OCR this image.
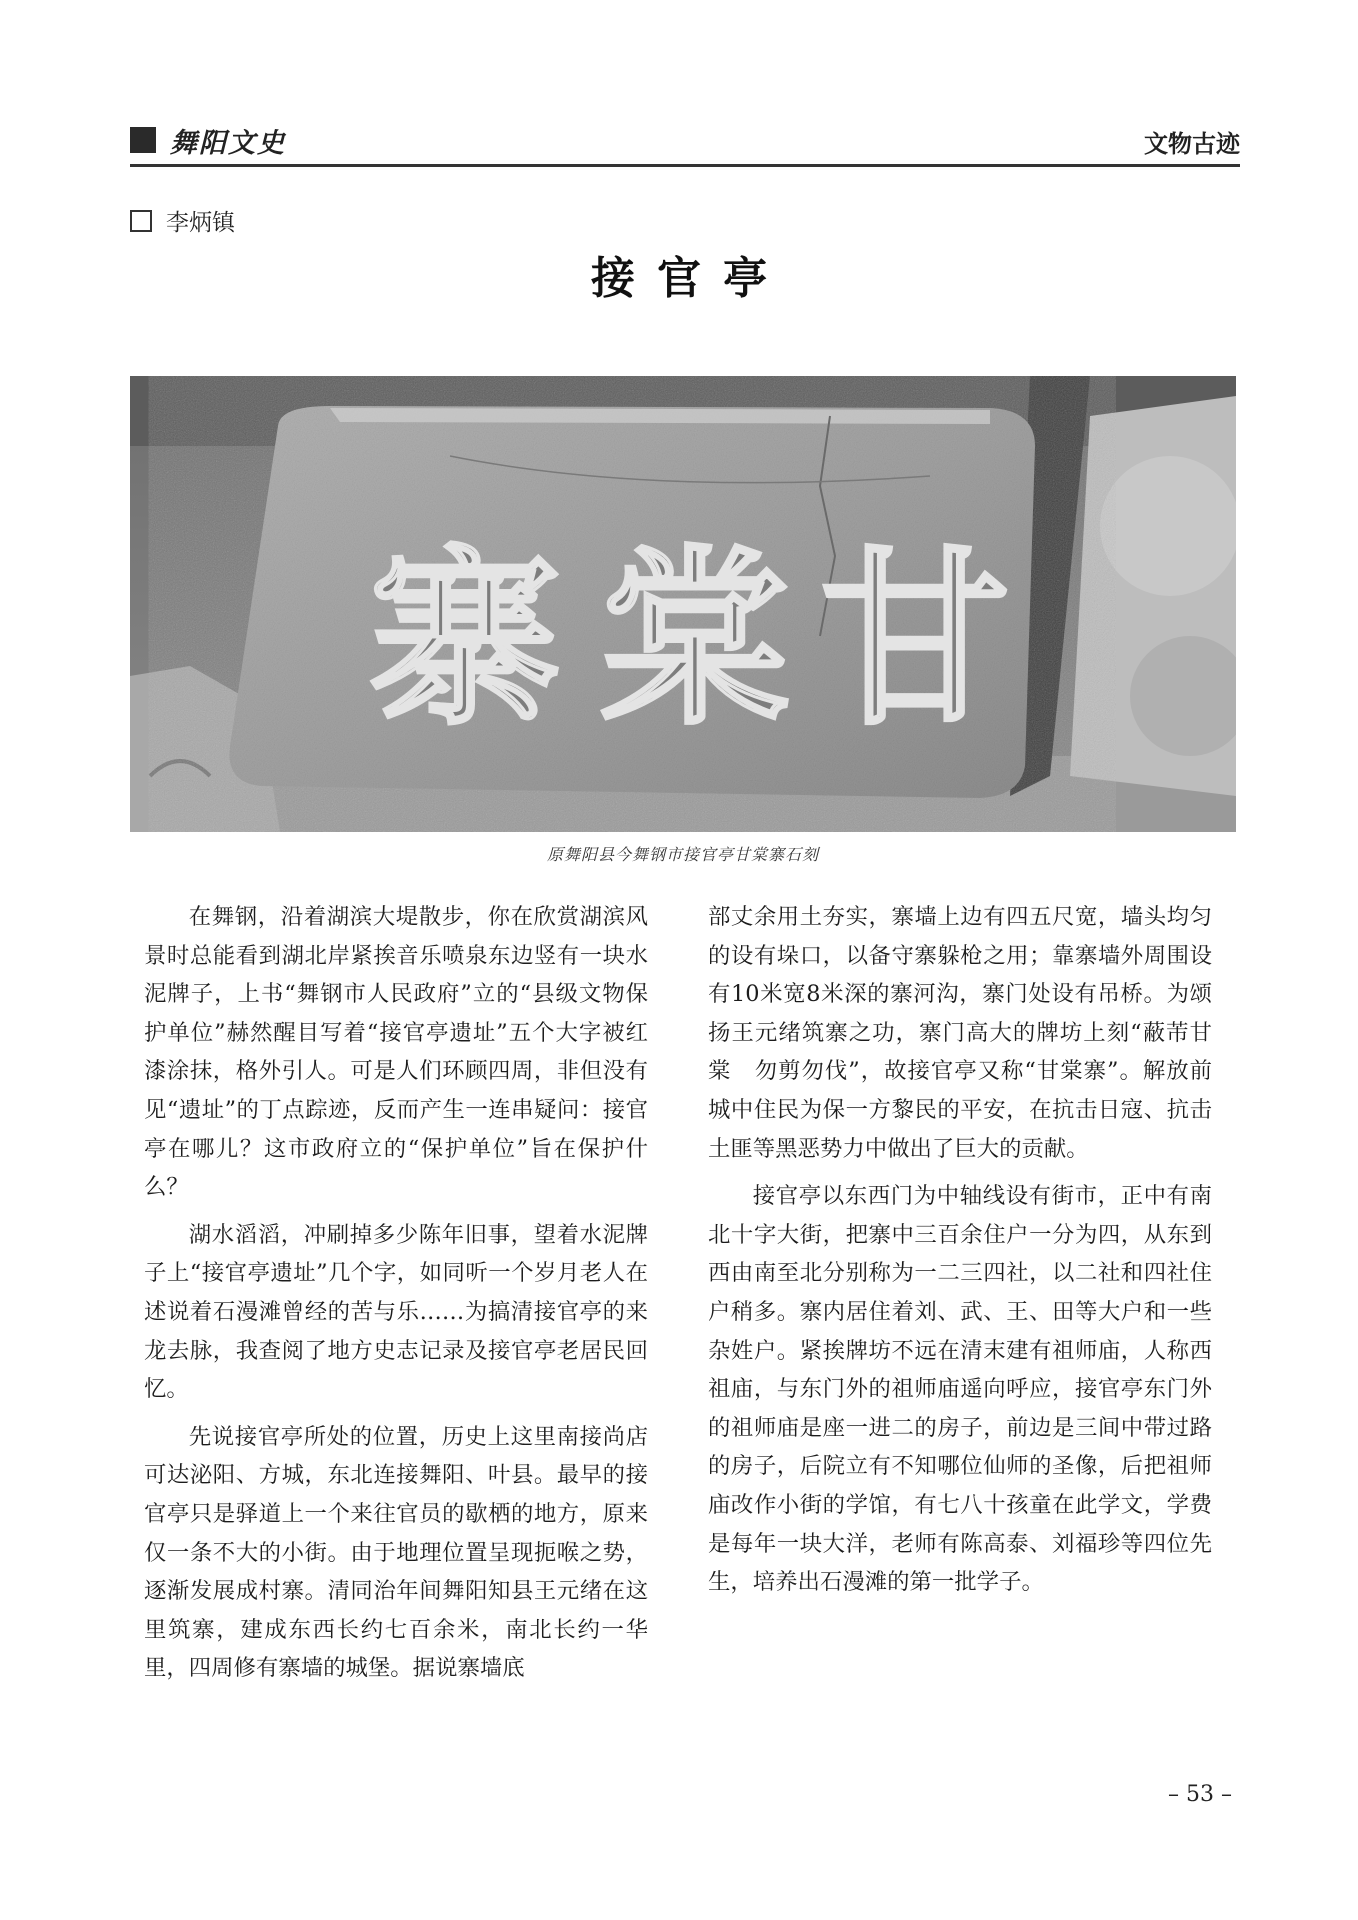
舞阳文史	文物古迹
李炳镇
接官亭
寨 棠 甘
原舞阳县今舞钢市接官亭甘棠寨石刻

在舞钢，沿着湖滨大堤散步，你在欣赏湖滨风景时总能看到湖北岸紧挨音乐喷泉东边竖有一块水泥牌子，上书“舞钢市人民政府”立的“县级文物保护单位”赫然醒目写着“接官亭遗址”五个大字被红漆涂抹，格外引人。可是人们环顾四周，非但没有见“遗址”的丁点踪迹，反而产生一连串疑问：接官亭在哪儿？这市政府立的“保护单位”旨在保护什么？

湖水滔滔，冲刷掉多少陈年旧事，望着水泥牌子上“接官亭遗址”几个字，如同听一个岁月老人在述说着石漫滩曾经的苦与乐……为搞清接官亭的来龙去脉，我查阅了地方史志记录及接官亭老居民回忆。

先说接官亭所处的位置，历史上这里南接尚店可达泌阳、方城，东北连接舞阳、叶县。最早的接官亭只是驿道上一个来往官员的歇栖的地方，原来仅一条不大的小街。由于地理位置呈现扼喉之势，逐渐发展成村寨。清同治年间舞阳知县王元绪在这里筑寨，建成东西长约七百余米，南北长约一华里，四周修有寨墙的城堡。据说寨墙底

部丈余用土夯实，寨墙上边有四五尺宽，墙头均匀的设有垛口，以备守寨躲枪之用；靠寨墙外周围设有10米宽8米深的寨河沟，寨门处设有吊桥。为颂扬王元绪筑寨之功，寨门高大的牌坊上刻“蔽芾甘棠　勿剪勿伐”，故接官亭又称“甘棠寨”。解放前城中住民为保一方黎民的平安，在抗击日寇、抗击土匪等黑恶势力中做出了巨大的贡献。

接官亭以东西门为中轴线设有街市，正中有南北十字大街，把寨中三百余住户一分为四，从东到西由南至北分别称为一二三四社，以二社和四社住户稍多。寨内居住着刘、武、王、田等大户和一些杂姓户。紧挨牌坊不远在清末建有祖师庙，人称西祖庙，与东门外的祖师庙遥向呼应，接官亭东门外的祖师庙是座一进二的房子，前边是三间中带过路的房子，后院立有不知哪位仙师的圣像，后把祖师庙改作小街的学馆，有七八十孩童在此学文，学费是每年一块大洋，老师有陈高泰、刘福珍等四位先生，培养出石漫滩的第一批学子。

– 53 –
